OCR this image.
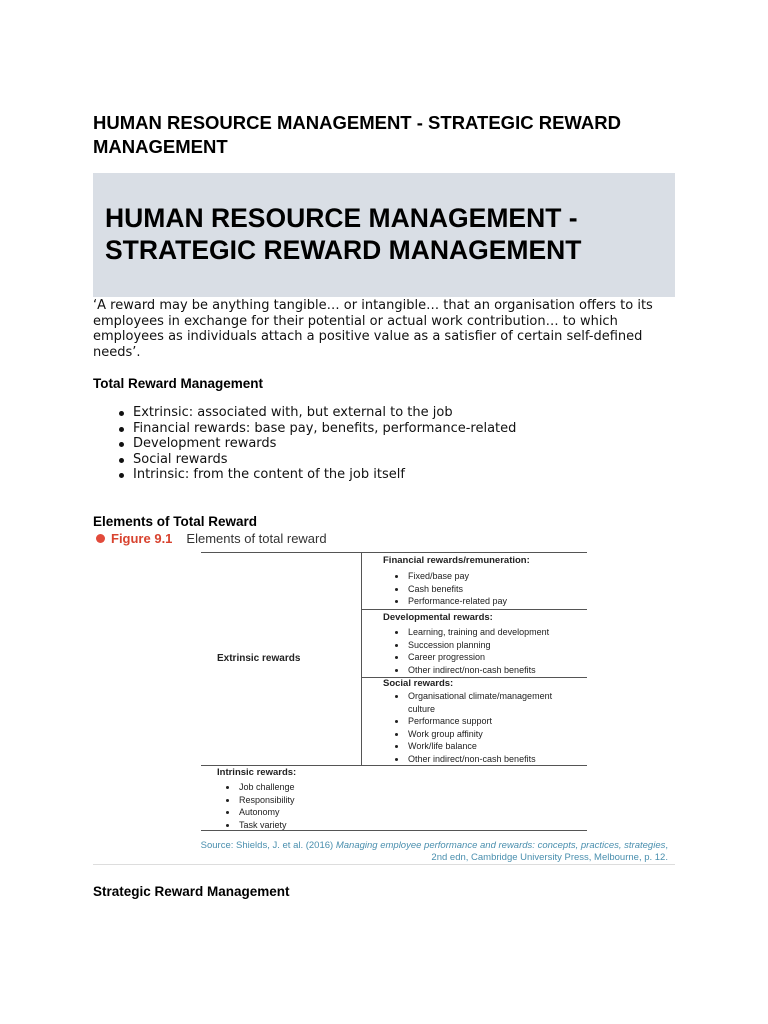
HUMAN RESOURCE MANAGEMENT - STRATEGIC REWARD MANAGEMENT
HUMAN RESOURCE MANAGEMENT - STRATEGIC REWARD MANAGEMENT
‘A reward may be anything tangible… or intangible… that an organisation offers to its employees in exchange for their potential or actual work contribution… to which employees as individuals attach a positive value as a satisfier of certain self-defined needs’.
Total Reward Management
Extrinsic: associated with, but external to the job
Financial rewards: base pay, benefits, performance-related
Development rewards
Social rewards
Intrinsic: from the content of the job itself
Elements of Total Reward
Figure 9.1 Elements of total reward
Extrinsic rewards
Financial rewards/remuneration:
Fixed/base pay
Cash benefits
Performance-related pay
Developmental rewards:
Learning, training and development
Succession planning
Career progression
Other indirect/non-cash benefits
Social rewards:
Organisational climate/management culture
Performance support
Work group affinity
Work/life balance
Other indirect/non-cash benefits
Intrinsic rewards:
Job challenge
Responsibility
Autonomy
Task variety
Source: Shields, J. et al. (2016) Managing employee performance and rewards: concepts, practices, strategies, 2nd edn, Cambridge University Press, Melbourne, p. 12.
Strategic Reward Management
